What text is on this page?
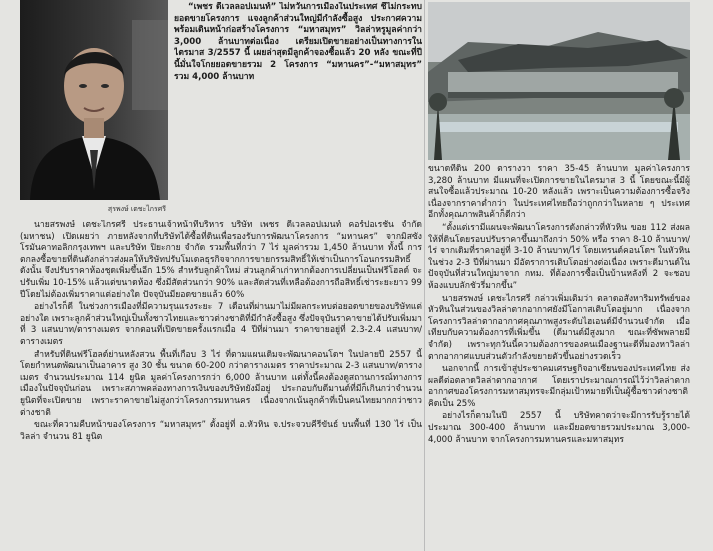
สุรพงษ์ เตชะไกรศรี

“เพชร ดีเวลลอปเมนท์” ไม่หวั่นการเมืองในประเทศ ชี้ไม่กระทบยอดขายโครงการ แจงลูกค้าส่วนใหญ่มีกำลังซื้อสูง ประกาศความพร้อมเดินหน้าก่อสร้างโครงการ “มหาสมุทร” วิลล่าหรูมูลค่ากว่า 3,000 ล้านบาทต่อเนื่อง เตรียมเปิดขายอย่างเป็นทางการในไตรมาส 3/2557 นี้ เผยล่าสุดมีลูกค้าจองซื้อแล้ว 20 หลัง ขณะที่ปีนี้มั่นใจโกยยอดขายรวม 2 โครงการ “มหานคร”-“มหาสมุทร” รวม 4,000 ล้านบาท

นายสรพงษ์ เตชะไกรศรี ประธานเจ้าหน้าที่บริหาร บริษัท เพชร ดีเวลลอปเมนท์ คอร์ปอเรชั่น จำกัด (มหาชน) เปิดเผยว่า ภายหลังจากที่บริษัทได้ซื้อที่ดินเพื่อรองรับการพัฒนาโครงการ “มหานคร” จากมิสซังโรมันคาทอลิกกรุงเทพฯ และบริษัท ปิยะกาย จำกัด รวมพื้นที่กว่า 7 ไร่ มูลค่ารวม 1,450 ล้านบาท ทั้งนี้ การตกลงซื้อขายที่ดินดังกล่าวส่งผลให้บริษัทปรับโมเดลธุรกิจจากการขายกรรมสิทธิ์ให้เช่าเป็นการโอนกรรมสิทธิ์ ดังนั้น จึงปรับราคาห้องชุดเพิ่มขึ้นอีก 15% สำหรับลูกค้าใหม่ ส่วนลูกค้าเก่าหากต้องการเปลี่ยนเป็นฟรีโฮลด์ จะปรับเพิ่ม 10-15% แล้วแต่ขนาดห้อง ซึ่งมีสัดส่วนกว่า 90% และสัดส่วนที่เหลือต้องการถือสิทธิ์เช่าระยะยาว 99 ปีโดยไม่ต้องเพิ่มราคาแต่อย่างใด ปัจจุบันมียอดขายแล้ว 60%

อย่างไรก็ดี ในช่วงการเมืองที่มีความรุนแรงระยะ 7 เดือนที่ผ่านมาไม่มีผลกระทบต่อยอดขายของบริษัทแต่อย่างใด เพราะลูกค้าส่วนใหญ่เป็นทั้งชาวไทยและชาวต่างชาติที่มีกำลังซื้อสูง ซึ่งปัจจุบันราคาขายได้ปรับเพิ่มมาที่ 3 แสนบาท/ตารางเมตร จากตอนที่เปิดขายครั้งแรกเมื่อ 4 ปีที่ผ่านมา ราคาขายอยู่ที่ 2.3-2.4 แสนบาท/ตารางเมตร

สำหรับที่ดินฟรีโฮลด์ย่านหลังสวน พื้นที่เกือบ 3 ไร่ ที่ตามแผนเดิมจะพัฒนาคอนโดฯ ในปลายปี 2557 นี้ โดยกำหนดพัฒนาเป็นอาคาร สูง 30 ชั้น ขนาด 60-200 กว่าตารางเมตร ราคาประมาณ 2-3 แสนบาท/ตารางเมตร จำนวนประมาณ 114 ยูนิต มูลค่าโครงการกว่า 6,000 ล้านบาท แต่ทั้งนี้คงต้องดูสถานการณ์ทางการเมืองในปัจจุบันก่อน เพราะสภาพคล่องทางการเงินของบริษัทยังมีอยู่ ประกอบกับดีมานด์ที่มีก็เกินกว่าจำนวนยูนิตที่จะเปิดขาย เพราะราคาขายไม่สูงกว่าโครงการมหานคร เนื่องจากเน้นลูกค้าที่เป็นคนไทยมากกว่าชาวต่างชาติ

ขณะที่ความคืบหน้าของโครงการ “มหาสมุทร” ตั้งอยู่ที่ อ.หัวหิน จ.ประจวบคีรีขันธ์ บนพื้นที่ 130 ไร่ เป็นวิลล่า จำนวน 81 ยูนิต

ขนาดที่ดิน 200 ตารางวา ราคา 35-45 ล้านบาท มูลค่าโครงการ 3,280 ล้านบาท มีแผนที่จะเปิดการขายในไตรมาส 3 นี้ โดยขณะนี้มีผู้สนใจซื้อแล้วประมาณ 10-20 หลังแล้ว เพราะเป็นความต้องการซื้อจริง เนื่องจากราคาต่ำกว่า ในประเทศไทยถือว่าถูกกว่าในหลาย ๆ ประเทศ อีกทั้งคุณภาพสินค้าก็ดีกว่า

“ตั้งแต่เรามีแผนจะพัฒนาโครงการดังกล่าวที่หัวหิน ขอย 112 ส่งผลให้ที่ดินโดยรอบปรับราคาขึ้นมาถึงกว่า 50% หรือ ราคา 8-10 ล้านบาท/ไร่ จากเดิมที่ราคาอยู่ที่ 3-10 ล้านบาท/ไร่ โดยเทรนด์คอนโดฯ ในหัวหินในช่วง 2-3 ปีที่ผ่านมา มีอัตราการเติบโตอย่างต่อเนื่อง เพราะดีมานด์ในปัจจุบันที่ส่วนใหญ่มาจาก กทม. ที่ต้องการซื้อเป็นบ้านหลังที่ 2 จะชอบห้องแบบลักชัวรี่มากขึ้น”

นายสรพงษ์ เตชะไกรศรี กล่าวเพิ่มเติมว่า ตลาดอสังหาริมทรัพย์ของหัวหินในส่วนของวิลล่าตากอากาศยังมีโอกาสเติบโตอยู่มาก เนื่องจากโครงการวิลล่าตากอากาศคุณภาพสูงระดับไฮเอนด์มีจำนวนจำกัด เมื่อเทียบกับความต้องการที่เพิ่มขึ้น (ดีมานด์มีสูงมาก ขณะที่ซัพพลายมีจำกัด) เพราะทุกวันนี้ความต้องการของคนเมืองฐานะดีที่มองหาวิลล่าตากอากาศแบบส่วนตัวกำลังขยายตัวขึ้นอย่างรวดเร็ว

นอกจากนี้ การเข้าสู่ประชาคมเศรษฐกิจอาเซียนของประเทศไทย ส่งผลดีต่อตลาดวิลล่าตากอากาศ โดยเราประมาณการณ์ไว้ว่าวิลล่าตากอากาศของโครงการมหาสมุทรจะมีกลุ่มเป้าหมายที่เป็นผู้ซื้อชาวต่างชาติคิดเป็น 25%

อย่างไรก็ตามในปี 2557 นี้ บริษัทคาดว่าจะมีการรับรู้รายได้ประมาณ 300-400 ล้านบาท และมียอดขายรวมประมาณ 3,000-4,000 ล้านบาท จากโครงการมหานครและมหาสมุทร
